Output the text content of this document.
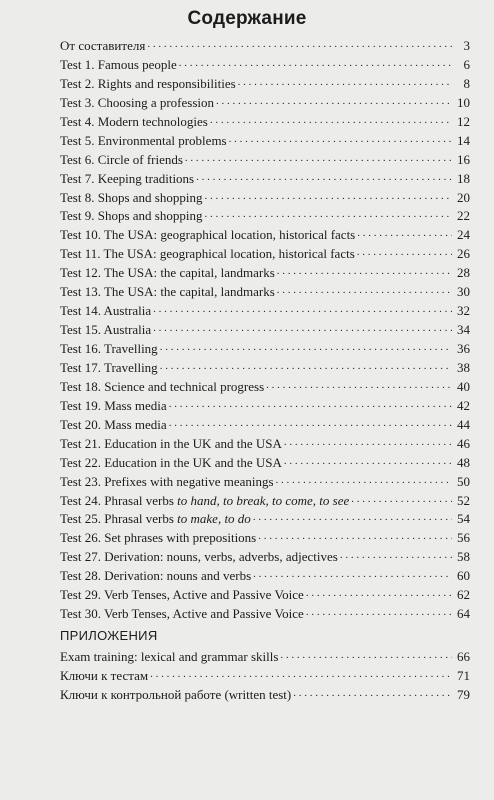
Содержание
От составителя . . .	3
Test 1. Famous people . . .	6
Test 2. Rights and responsibilities . . .	8
Test 3. Choosing a profession . . .	10
Test 4. Modern technologies . . .	12
Test 5. Environmental problems . . .	14
Test 6. Circle of friends . . .	16
Test 7. Keeping traditions . . .	18
Test 8. Shops and shopping . . .	20
Test 9. Shops and shopping . . .	22
Test 10. The USA: geographical location, historical facts . . .	24
Test 11. The USA: geographical location, historical facts . . .	26
Test 12. The USA: the capital, landmarks . . .	28
Test 13. The USA: the capital, landmarks . . .	30
Test 14. Australia . . .	32
Test 15. Australia . . .	34
Test 16. Travelling . . .	36
Test 17. Travelling . . .	38
Test 18. Science and technical progress . . .	40
Test 19. Mass media . . .	42
Test 20. Mass media . . .	44
Test 21. Education in the UK and the USA . . .	46
Test 22. Education in the UK and the USA . . .	48
Test 23. Prefixes with negative meanings . . .	50
Test 24. Phrasal verbs to hand, to break, to come, to see . . .	52
Test 25. Phrasal verbs to make, to do . . .	54
Test 26. Set phrases with prepositions . . .	56
Test 27. Derivation: nouns, verbs, adverbs, adjectives . . .	58
Test 28. Derivation: nouns and verbs . . .	60
Test 29. Verb Tenses, Active and Passive Voice . . .	62
Test 30. Verb Tenses, Active and Passive Voice . . .	64
ПРИЛОЖЕНИЯ
Exam training: lexical and grammar skills . . .	66
Ключи к тестам . . .	71
Ключи к контрольной работе (written test) . . .	79
